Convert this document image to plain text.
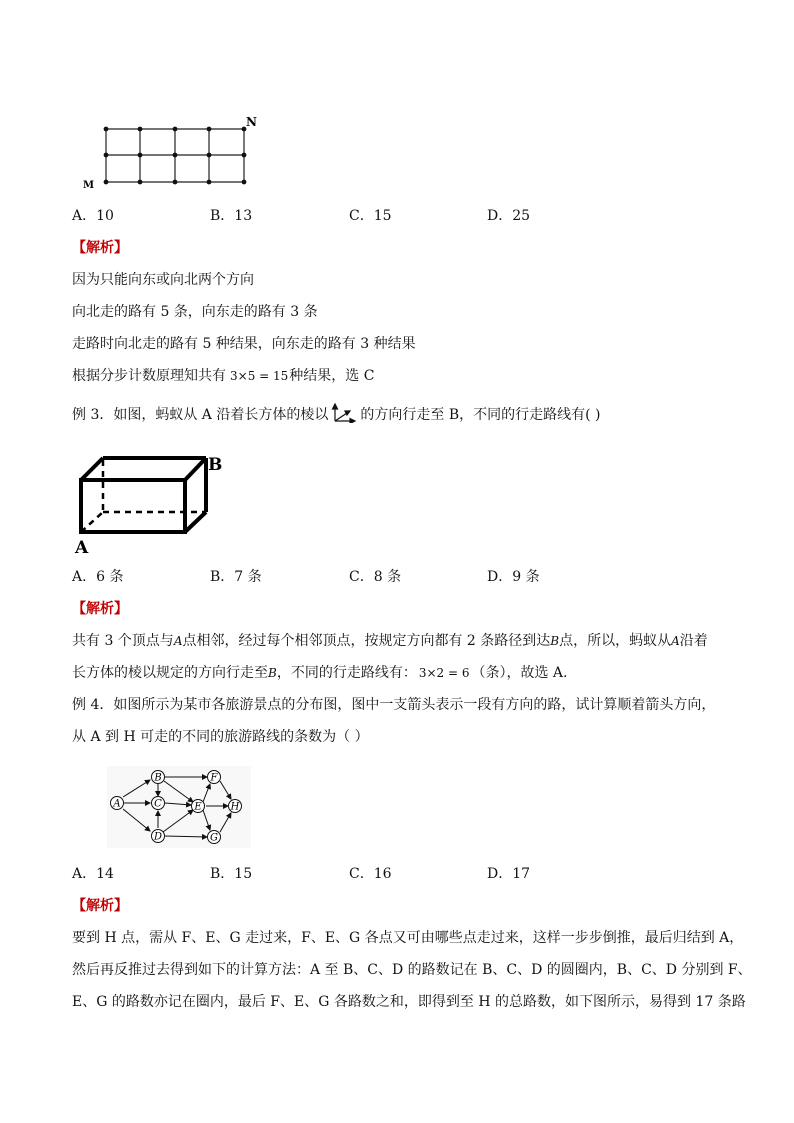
N
M
A．10	B．13	C．15	D．25
【解析】
因为只能向东或向北两个方向
向北走的路有 5 条，向东走的路有 3 条
走路时向北走的路有 5 种结果，向东走的路有 3 种结果
根据分步计数原理知共有 3×5 = 15种结果，选 C
例 3．如图，蚂蚁从 A 沿着长方体的棱以 的方向行走至 B，不同的行走路线有( )
B
A
A．6 条	B．7 条	C．8 条	D．9 条
【解析】
共有 3 个顶点与A点相邻，经过每个相邻顶点，按规定方向都有 2 条路径到达B点，所以，蚂蚁从A沿着
长方体的棱以规定的方向行走至B，不同的行走路线有： 3×2 = 6 （条），故选 A.
例 4．如图所示为某市各旅游景点的分布图，图中一支箭头表示一段有方向的路，试计算顺着箭头方向，
从 A 到 H 可走的不同的旅游路线的条数为（ ）
A
B
C
D
E
F
G
H
A．14	B．15	C．16	D．17
【解析】
要到 H 点，需从 F、E、G 走过来，F、E、G 各点又可由哪些点走过来，这样一步步倒推，最后归结到 A，
然后再反推过去得到如下的计算方法：A 至 B、C、D 的路数记在 B、C、D 的圆圈内，B、C、D 分别到 F、
E、G 的路数亦记在圈内，最后 F、E、G 各路数之和，即得到至 H 的总路数，如下图所示，易得到 17 条路
